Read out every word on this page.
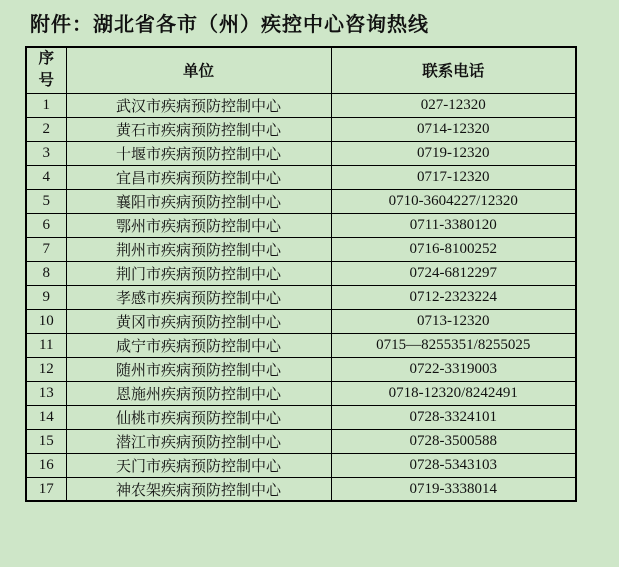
附件：湖北省各市（州）疾控中心咨询热线
序号	单位	联系电话
1	武汉市疾病预防控制中心	027-12320
2	黄石市疾病预防控制中心	0714-12320
3	十堰市疾病预防控制中心	0719-12320
4	宜昌市疾病预防控制中心	0717-12320
5	襄阳市疾病预防控制中心	0710-3604227/12320
6	鄂州市疾病预防控制中心	0711-3380120
7	荆州市疾病预防控制中心	0716-8100252
8	荆门市疾病预防控制中心	0724-6812297
9	孝感市疾病预防控制中心	0712-2323224
10	黄冈市疾病预防控制中心	0713-12320
11	咸宁市疾病预防控制中心	0715—8255351/8255025
12	随州市疾病预防控制中心	0722-3319003
13	恩施州疾病预防控制中心	0718-12320/8242491
14	仙桃市疾病预防控制中心	0728-3324101
15	潜江市疾病预防控制中心	0728-3500588
16	天门市疾病预防控制中心	0728-5343103
17	神农架疾病预防控制中心	0719-3338014
